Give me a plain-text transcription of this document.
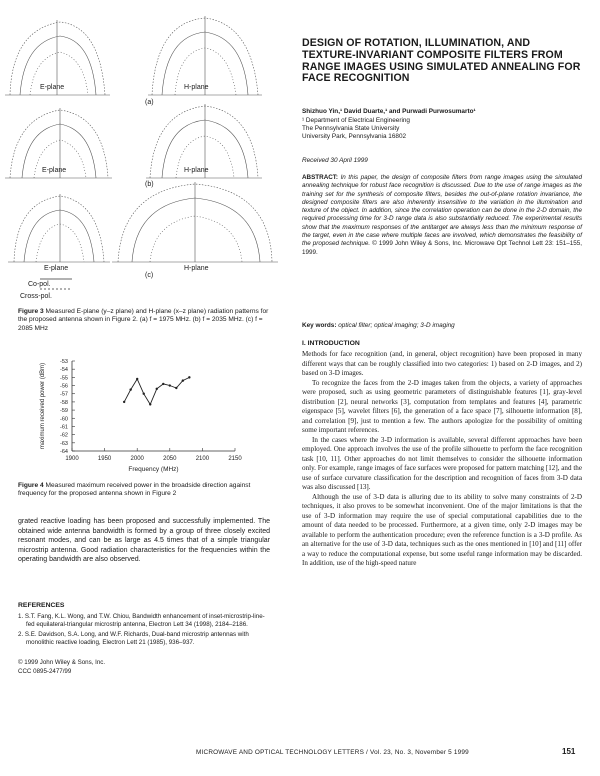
E-plane	H-plane
(a)
E-plane	H-plane
(b)
E-plane	H-plane
(c)
Co-pol.
Cross-pol.
Figure 3 Measured E-plane (y–z plane) and H-plane (x–z plane) radiation patterns for the proposed antenna shown in Figure 2. (a) f = 1975 MHz. (b) f = 2035 MHz. (c) f = 2085 MHz
-53
-54
-55
-56
-57
-58
-59
-60
-61
-62
-63
-64
1900	1950	2000	2050	2100	2150
Frequency (MHz)
maximum received power (dBm)
Figure 4 Measured maximum received power in the broadside direction against frequency for the proposed antenna shown in Figure 2
grated reactive loading has been proposed and successfully implemented. The obtained wide antenna bandwidth is formed by a group of three closely excited resonant modes, and can be as large as 4.5 times that of a simple triangular microstrip antenna. Good radiation characteristics for the frequencies within the operating bandwidth are also observed.
REFERENCES
1. S.T. Fang, K.L. Wong, and T.W. Chiou, Bandwidth enhancement of inset-microstrip-line-fed equilateral-triangular microstrip antenna, Electron Lett 34 (1998), 2184–2186.
2. S.E. Davidson, S.A. Long, and W.F. Richards, Dual-band microstrip antennas with monolithic reactive loading, Electron Lett 21 (1985), 936–937.
© 1999 John Wiley & Sons, Inc.
CCC 0895-2477/99
DESIGN OF ROTATION, ILLUMINATION, AND TEXTURE-INVARIANT COMPOSITE FILTERS FROM RANGE IMAGES USING SIMULATED ANNEALING FOR FACE RECOGNITION
Shizhuo Yin,¹ David Duarte,¹ and Purwadi Purwosumarto¹
¹ Department of Electrical Engineering
The Pennsylvania State University
University Park, Pennsylvania 16802
Received 30 April 1999
ABSTRACT: In this paper, the design of composite filters from range images using the simulated annealing technique for robust face recognition is discussed. Due to the use of range images as the training set for the synthesis of composite filters, besides the out-of-plane rotation invariance, the designed composite filters are also inherently insensitive to the variation in the illumination and texture of the object. In addition, since the correlation operation can be done in the 2-D domain, the required processing time for 3-D range data is also substantially reduced. The experimental results show that the maximum responses of the antitarget are always less than the minimum response of the target, even in the case where multiple faces are involved, which demonstrates the feasibility of the proposed technique. © 1999 John Wiley & Sons, Inc. Microwave Opt Technol Lett 23: 151–155, 1999.
Key words: optical filter; optical imaging; 3-D imaging
I. INTRODUCTION
Methods for face recognition (and, in general, object recognition) have been proposed in many different ways that can be roughly classified into two categories: 1) based on 2-D images, and 2) based on 3-D images.
To recognize the faces from the 2-D images taken from the objects, a variety of approaches were proposed, such as using geometric parameters of distinguishable features [1], gray-level distribution [2], neural networks [3], computation from templates and features [4], parametric eigenspace [5], wavelet filters [6], the generation of a face space [7], silhouette information [8], and correlation [9], just to mention a few. The authors apologize for the possibility of omitting some important references.
In the cases where the 3-D information is available, several different approaches have been employed. One approach involves the use of the profile silhouette to perform the face recognition task [10, 11]. Other approaches do not limit themselves to consider the silhouette information only. For example, range images of face surfaces were proposed for pattern matching [12], and the use of surface curvature classification for the description and recognition of faces from 3-D data was also discussed [13].
Although the use of 3-D data is alluring due to its ability to solve many constraints of 2-D techniques, it also proves to be somewhat inconvenient. One of the major limitations is that the use of 3-D information may require the use of special computational capabilities due to the amount of data needed to be processed. Furthermore, at a given time, only 2-D images may be available to perform the authentication procedure; even the reference function is a 3-D profile. As an alternative for the use of 3-D data, techniques such as the ones mentioned in [10] and [11] offer a way to reduce the computational expense, but some useful range information may be discarded. In addition, use of the high-speed nature
MICROWAVE AND OPTICAL TECHNOLOGY LETTERS / Vol. 23, No. 3, November 5 1999	151
